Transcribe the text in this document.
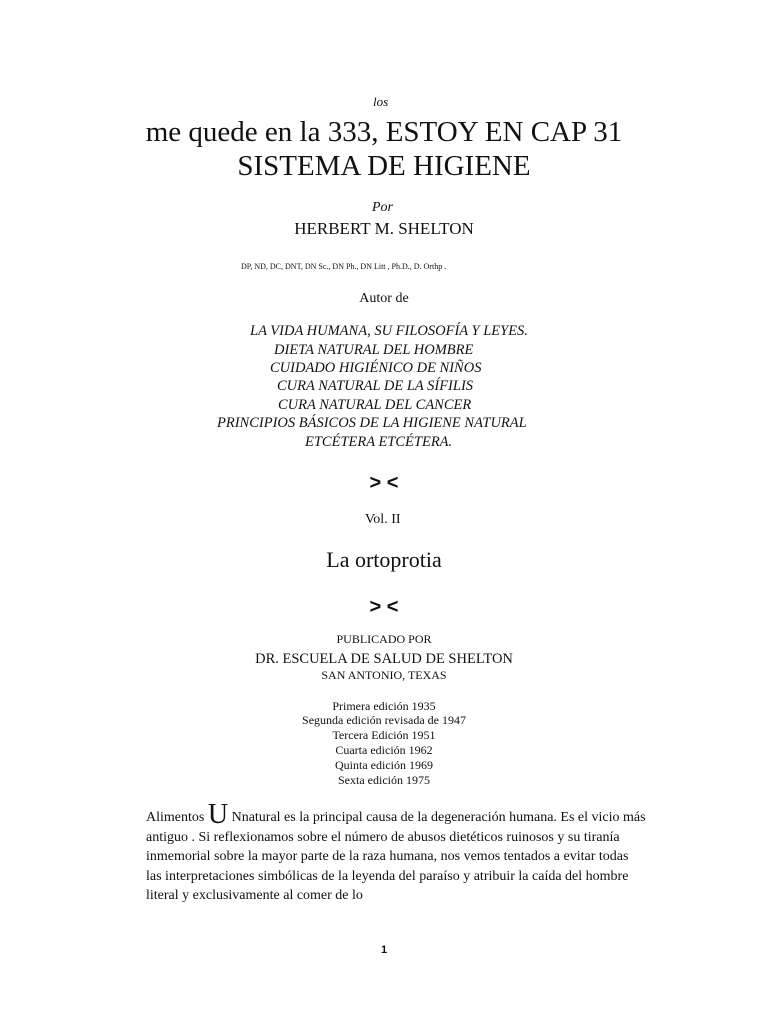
los
me quede en la 333, ESTOY EN CAP 31
SISTEMA DE HIGIENE
Por
HERBERT M. SHELTON
DP, ND, DC, DNT, DN Sc., DN Ph., DN Litt , Ph.D., D. Orthp .
Autor de
LA VIDA HUMANA, SU FILOSOFÍA Y LEYES.
DIETA NATURAL DEL HOMBRE
CUIDADO HIGIÉNICO DE NIÑOS
CURA NATURAL DE LA SÍFILIS
CURA NATURAL DEL CANCER
PRINCIPIOS BÁSICOS DE LA HIGIENE NATURAL
ETCÉTERA ETCÉTERA.
> <
Vol. II
La ortoprotia
> <
PUBLICADO POR
DR. ESCUELA DE SALUD DE SHELTON
SAN ANTONIO, TEXAS
Primera edición 1935
Segunda edición revisada de 1947
Tercera Edición 1951
Cuarta edición 1962
Quinta edición 1969
Sexta edición 1975

Alimentos U Nnatural es la principal causa de la degeneración humana. Es el vicio más antiguo . Si reflexionamos sobre el número de abusos dietéticos ruinosos y su tiranía inmemorial sobre la mayor parte de la raza humana, nos vemos tentados a evitar todas las interpretaciones simbólicas de la leyenda del paraíso y atribuir la caída del hombre literal y exclusivamente al comer de lo

1
